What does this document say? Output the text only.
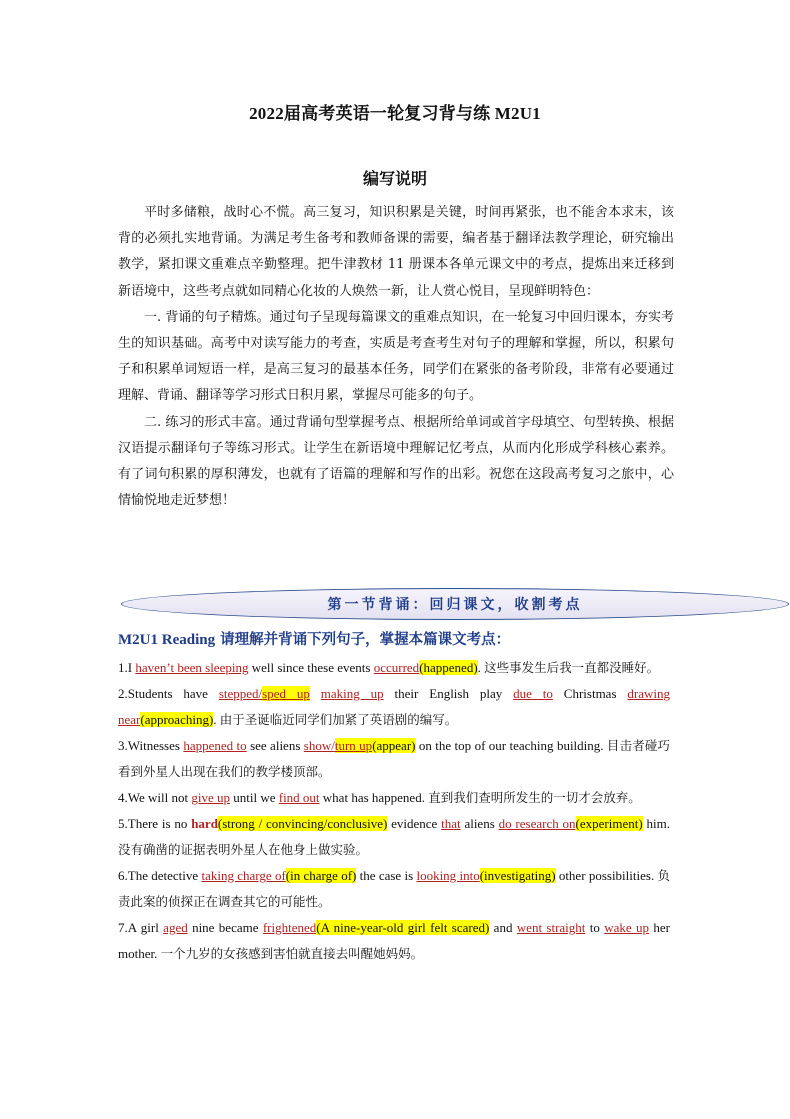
2022届高考英语一轮复习背与练 M2U1
编写说明

平时多储粮，战时心不慌。高三复习，知识积累是关键，时间再紧张，也不能舍本求末，该背的必须扎实地背诵。为满足考生备考和教师备课的需要，编者基于翻译法教学理论，研究输出教学，紧扣课文重难点辛勤整理。把牛津教材 11 册课本各单元课文中的考点，提炼出来迁移到新语境中，这些考点就如同精心化妆的人焕然一新，让人赏心悦目，呈现鲜明特色：

一. 背诵的句子精炼。通过句子呈现每篇课文的重难点知识，在一轮复习中回归课本，夯实考生的知识基础。高考中对读写能力的考查，实质是考查考生对句子的理解和掌握，所以，积累句子和积累单词短语一样，是高三复习的最基本任务，同学们在紧张的备考阶段，非常有必要通过理解、背诵、翻译等学习形式日积月累，掌握尽可能多的句子。

二. 练习的形式丰富。通过背诵句型掌握考点、根据所给单词或首字母填空、句型转换、根据汉语提示翻译句子等练习形式。让学生在新语境中理解记忆考点，从而内化形成学科核心素养。有了词句积累的厚积薄发，也就有了语篇的理解和写作的出彩。祝您在这段高考复习之旅中，心情愉悦地走近梦想！

第一节背诵：回归课文，收割考点
M2U1 Reading 请理解并背诵下列句子，掌握本篇课文考点：

1.I haven’t been sleeping well since these events occurred(happened). 这些事发生后我一直都没睡好。

2.Students have stepped/sped up making up their English play due to Christmas drawing near(approaching). 由于圣诞临近同学们加紧了英语剧的编写。

3.Witnesses happened to see aliens show/turn up(appear) on the top of our teaching building. 目击者碰巧看到外星人出现在我们的教学楼顶部。

4.We will not give up until we find out what has happened. 直到我们查明所发生的一切才会放弃。

5.There is no hard(strong / convincing/conclusive) evidence that aliens do research on(experiment) him.没有确凿的证据表明外星人在他身上做实验。

6.The detective taking charge of(in charge of) the case is looking into(investigating) other possibilities. 负责此案的侦探正在调查其它的可能性。

7.A girl aged nine became frightened(A nine-year-old girl felt scared) and went straight to wake up her mother. 一个九岁的女孩感到害怕就直接去叫醒她妈妈。
